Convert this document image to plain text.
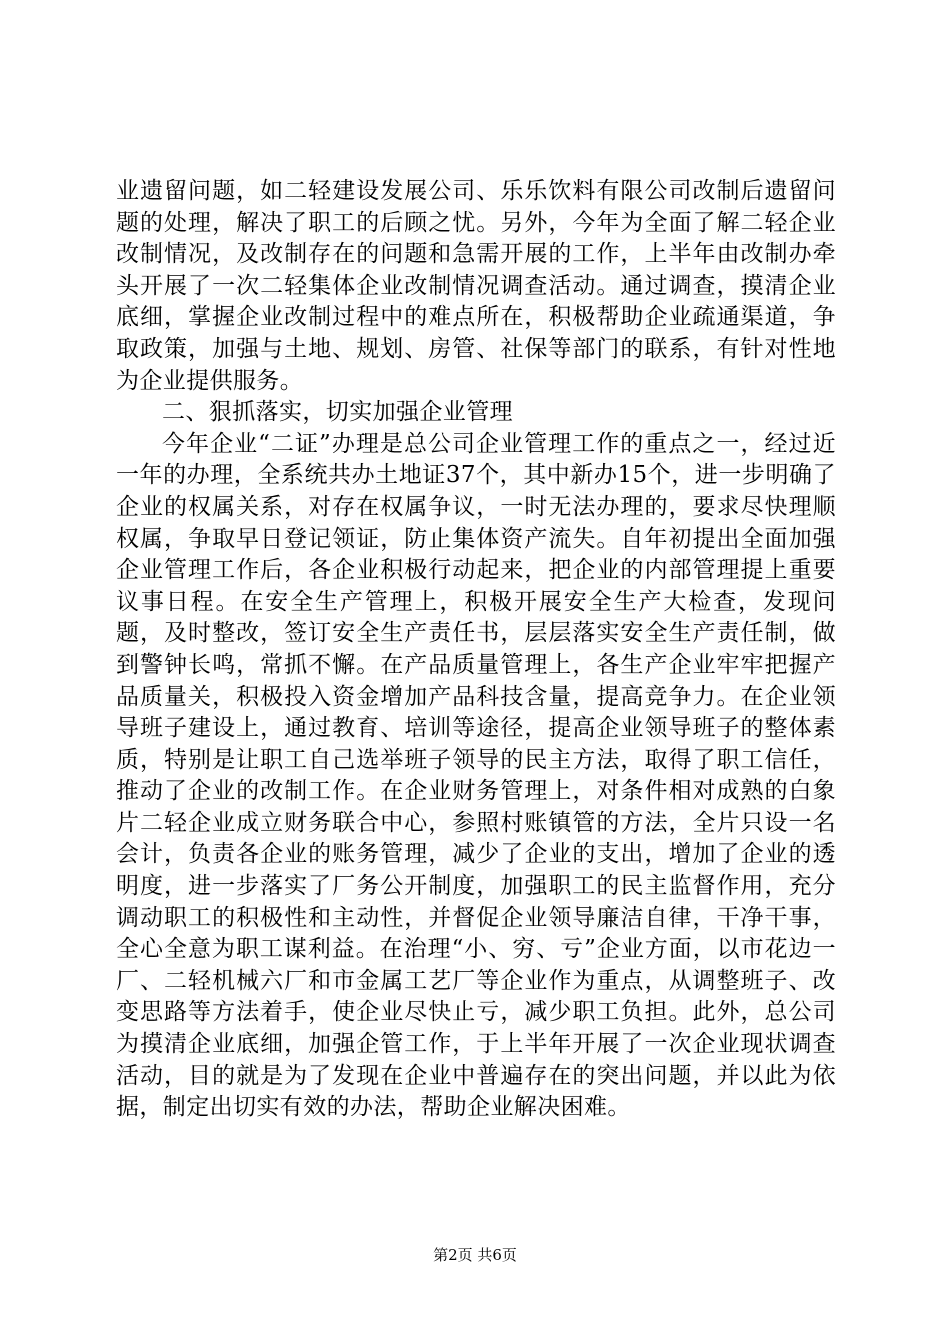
业遗留问题，如二轻建设发展公司、乐乐饮料有限公司改制后遗留问题的处理，解决了职工的后顾之忧。另外，今年为全面了解二轻企业改制情况，及改制存在的问题和急需开展的工作，上半年由改制办牵头开展了一次二轻集体企业改制情况调查活动。通过调查，摸清企业底细，掌握企业改制过程中的难点所在，积极帮助企业疏通渠道，争取政策，加强与土地、规划、房管、社保等部门的联系，有针对性地为企业提供服务。

二、狠抓落实，切实加强企业管理

今年企业“二证”办理是总公司企业管理工作的重点之一，经过近一年的办理，全系统共办土地证37个，其中新办15个，进一步明确了企业的权属关系，对存在权属争议，一时无法办理的，要求尽快理顺权属，争取早日登记领证，防止集体资产流失。自年初提出全面加强企业管理工作后，各企业积极行动起来，把企业的内部管理提上重要议事日程。在安全生产管理上，积极开展安全生产大检查，发现问题，及时整改，签订安全生产责任书，层层落实安全生产责任制，做到警钟长鸣，常抓不懈。在产品质量管理上，各生产企业牢牢把握产品质量关，积极投入资金增加产品科技含量，提高竞争力。在企业领导班子建设上，通过教育、培训等途径，提高企业领导班子的整体素质，特别是让职工自己选举班子领导的民主方法，取得了职工信任，推动了企业的改制工作。在企业财务管理上，对条件相对成熟的白象片二轻企业成立财务联合中心，参照村账镇管的方法，全片只设一名会计，负责各企业的账务管理，减少了企业的支出，增加了企业的透明度，进一步落实了厂务公开制度，加强职工的民主监督作用，充分调动职工的积极性和主动性，并督促企业领导廉洁自律，干净干事，全心全意为职工谋利益。在治理“小、穷、亏”企业方面，以市花边一厂、二轻机械六厂和市金属工艺厂等企业作为重点，从调整班子、改变思路等方法着手，使企业尽快止亏，减少职工负担。此外，总公司为摸清企业底细，加强企管工作，于上半年开展了一次企业现状调查活动，目的就是为了发现在企业中普遍存在的突出问题，并以此为依据，制定出切实有效的办法，帮助企业解决困难。

第2页 共6页
